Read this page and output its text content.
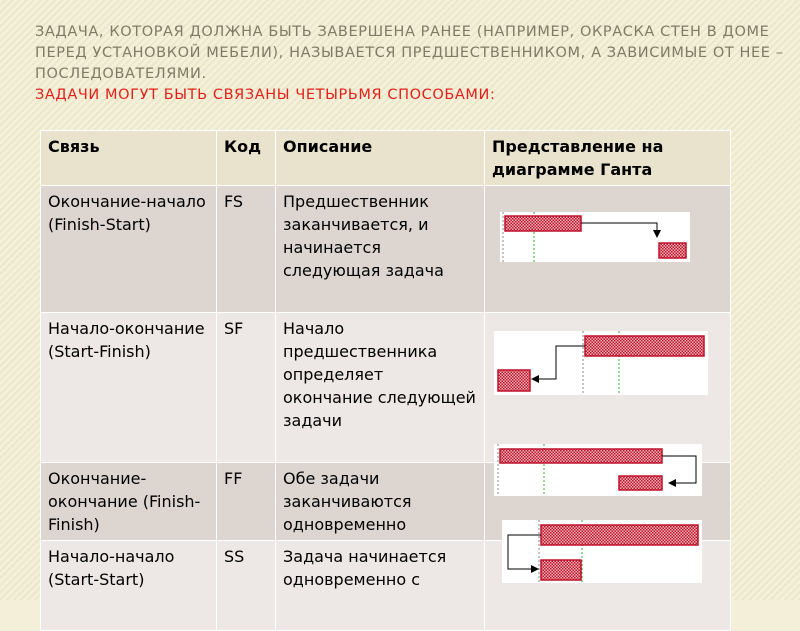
ЗАДАЧА, КОТОРАЯ ДОЛЖНА БЫТЬ ЗАВЕРШЕНА РАНЕЕ (НАПРИМЕР, ОКРАСКА СТЕН В ДОМЕ ПЕРЕД УСТАНОВКОЙ МЕБЕЛИ), НАЗЫВАЕТСЯ ПРЕДШЕСТВЕННИКОМ, А ЗАВИСИМЫЕ ОТ НЕЕ – ПОСЛЕДОВАТЕЛЯМИ.
ЗАДАЧИ МОГУТ БЫТЬ СВЯЗАНЫ ЧЕТЫРЬМЯ СПОСОБАМИ:
Связь	Код	Описание	Представление на диаграмме Ганта
Окончание-начало (Finish-Start)	FS	Предшественник заканчивается, и начинается следующая задача	
Начало-окончание (Start-Finish)	SF	Начало предшественника определяет окончание следующей задачи	
Окончание-окончание (Finish-Finish)	FF	Обе задачи заканчиваются одновременно	
Начало-начало (Start-Start)	SS	Задача начинается одновременно с	
